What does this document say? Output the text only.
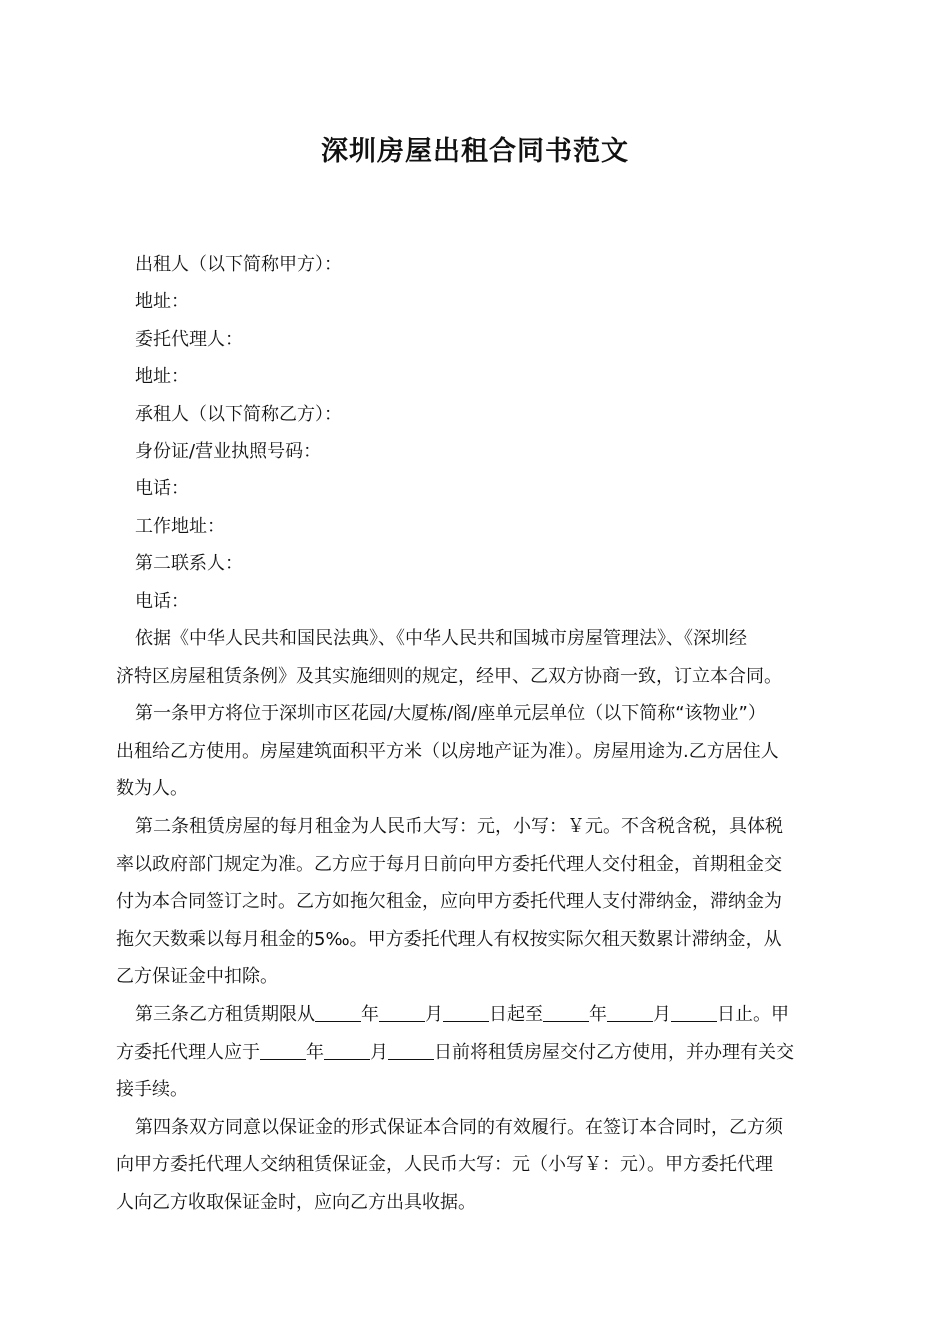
深圳房屋出租合同书范文
出租人（以下简称甲方）：
地址：
委托代理人：
地址：
承租人（以下简称乙方）：
身份证/营业执照号码：
电话：
工作地址：
第二联系人：
电话：
依据《中华人民共和国民法典》、《中华人民共和国城市房屋管理法》、《深圳经
济特区房屋租赁条例》及其实施细则的规定，经甲、乙双方协商一致，订立本合同。
第一条甲方将位于深圳市区花园/大厦栋/阁/座单元层单位（以下简称“该物业”）
出租给乙方使用。房屋建筑面积平方米（以房地产证为准）。房屋用途为.乙方居住人
数为人。
第二条租赁房屋的每月租金为人民币大写：元，小写：￥元。不含税含税，具体税
率以政府部门规定为准。乙方应于每月日前向甲方委托代理人交付租金，首期租金交
付为本合同签订之时。乙方如拖欠租金，应向甲方委托代理人支付滞纳金，滞纳金为
拖欠天数乘以每月租金的5‰。甲方委托代理人有权按实际欠租天数累计滞纳金，从
乙方保证金中扣除。
第三条乙方租赁期限从	年	月	日起至	年	月	日止。甲
方委托代理人应于	年	月	日前将租赁房屋交付乙方使用，并办理有关交
接手续。
第四条双方同意以保证金的形式保证本合同的有效履行。在签订本合同时，乙方须
向甲方委托代理人交纳租赁保证金，人民币大写：元（小写￥：元）。甲方委托代理
人向乙方收取保证金时，应向乙方出具收据。
